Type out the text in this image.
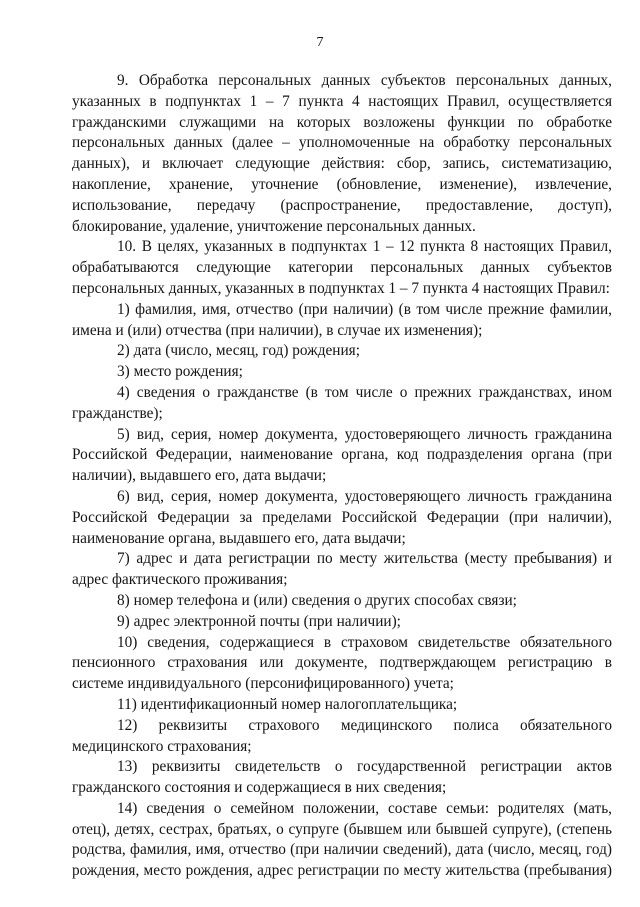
7

9. Обработка персональных данных субъектов персональных данных, указанных в подпунктах 1 – 7 пункта 4 настоящих Правил, осуществляется гражданскими служащими на которых возложены функции по обработке персональных данных (далее – уполномоченные на обработку персональных данных), и включает следующие действия: сбор, запись, систематизацию, накопление, хранение, уточнение (обновление, изменение), извлечение, использование, передачу (распространение, предоставление, доступ), блокирование, удаление, уничтожение персональных данных.

10. В целях, указанных в подпунктах 1 – 12 пункта 8 настоящих Правил, обрабатываются следующие категории персональных данных субъектов персональных данных, указанных в подпунктах 1 – 7 пункта 4 настоящих Правил:

1) фамилия, имя, отчество (при наличии) (в том числе прежние фамилии, имена и (или) отчества (при наличии), в случае их изменения);

2) дата (число, месяц, год) рождения;

3) место рождения;

4) сведения о гражданстве (в том числе о прежних гражданствах, ином гражданстве);

5) вид, серия, номер документа, удостоверяющего личность гражданина Российской Федерации, наименование органа, код подразделения органа (при наличии), выдавшего его, дата выдачи;

6) вид, серия, номер документа, удостоверяющего личность гражданина Российской Федерации за пределами Российской Федерации (при наличии), наименование органа, выдавшего его, дата выдачи;

7) адрес и дата регистрации по месту жительства (месту пребывания) и адрес фактического проживания;

8) номер телефона и (или) сведения о других способах связи;

9) адрес электронной почты (при наличии);

10) сведения, содержащиеся в страховом свидетельстве обязательного пенсионного страхования или документе, подтверждающем регистрацию в системе индивидуального (персонифицированного) учета;

11) идентификационный номер налогоплательщика;

12) реквизиты страхового медицинского полиса обязательного медицинского страхования;

13) реквизиты свидетельств о государственной регистрации актов гражданского состояния и содержащиеся в них сведения;

14) сведения о семейном положении, составе семьи: родителях (мать, отец), детях, сестрах, братьях, о супруге (бывшем или бывшей супруге), (степень родства, фамилия, имя, отчество (при наличии сведений), дата (число, месяц, год) рождения, место рождения, адрес регистрации по месту жительства (пребывания)
